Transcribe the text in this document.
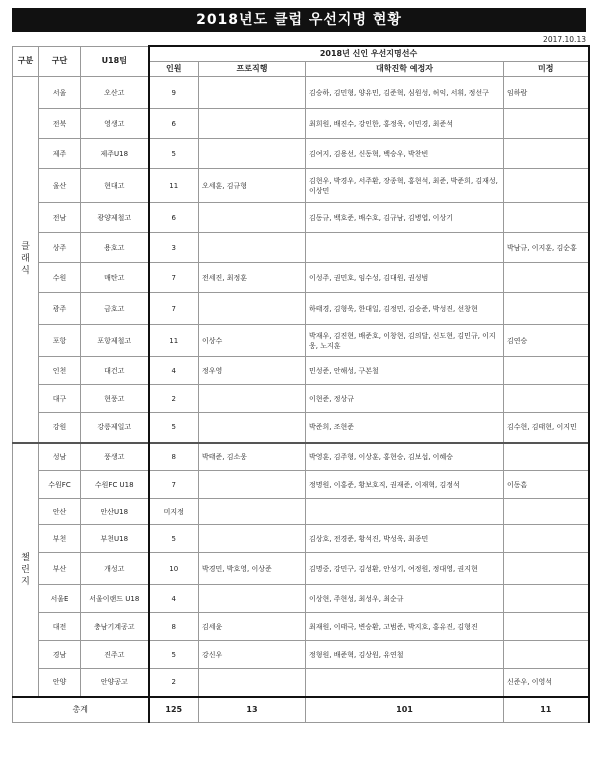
2018년도 클럽 우선지명 현황
2017.10.13
구분	구단	U18팀	2018년 신인 우선지명선수			
			인원	프로직행	대학진학 예정자	미정
클래식	서울	오산고	9		김승하, 김민형, 양유민, 김준혁, 심원성, 허익, 서휘, 정선구	임하람
	전북	영생고	6		최희원, 배진수, 강인한, 홍정욱, 이민경, 최준석	
	제주	제주U18	5		김여지, 김용선, 신동혁, 백승우, 박찬빈	
	울산	현대고	11	오세훈, 김규형	김현우, 박경우, 서주환, 장종혁, 홍현석, 최준, 박준희, 김재성, 이상민	
	전남	광양제철고	6		김동규, 백호준, 배수호, 김규남, 김병엽, 이상기	
	상주	용호고	3			박남규, 이지훈, 김순홍
	수원	매탄고	7	전세진, 최정훈	이성주, 권민호, 임수성, 김대원, 권성범	
	광주	금호고	7		하태경, 김형욱, 한대일, 김정민, 김승준, 박성진, 선창현	
	포항	포항제철고	11	이상수	박재우, 김진현, 배준호, 이창현, 김의달, 신도현, 김민규, 이지웅, 노지훈	김연승
	인천	대건고	4	정우영	민성준, 안해성, 구본철	
	대구	현풍고	2		이현준, 정상규	
	강원	강릉제일고	5		박준희, 조현준	김수현, 김태현, 이지민
챌린지	성남	풍생고	8	박태준, 김소웅	박영훈, 김주형, 이상훈, 홍현승, 김보섭, 이혜승	
	수원FC	수원FC U18	7		정명원, 이홍준, 황보호직, 권재준, 이재혁, 김정석	이동흠
	안산	안산U18	미지정			
	부천	부천U18	5		김상호, 전경준, 황석진, 박성욱, 최종민	
	부산	개성고	10	박경민, 박호영, 이상준	김명중, 강민구, 김성환, 안성기, 여정원, 정대영, 권지현	
	서울E	서울이랜드 U18	4		이상현, 주현성, 최성우, 최순규	
	대전	충남기계공고	8	김세윤	최재원, 이태극, 변승환, 고범준, 박지호, 홍유진, 김형진	
	경남	진주고	5	강신우	정형원, 배준혁, 김상원, 유연철	
	안양	안양공고	2			신준우, 이영석
총계			125	13	101	11
